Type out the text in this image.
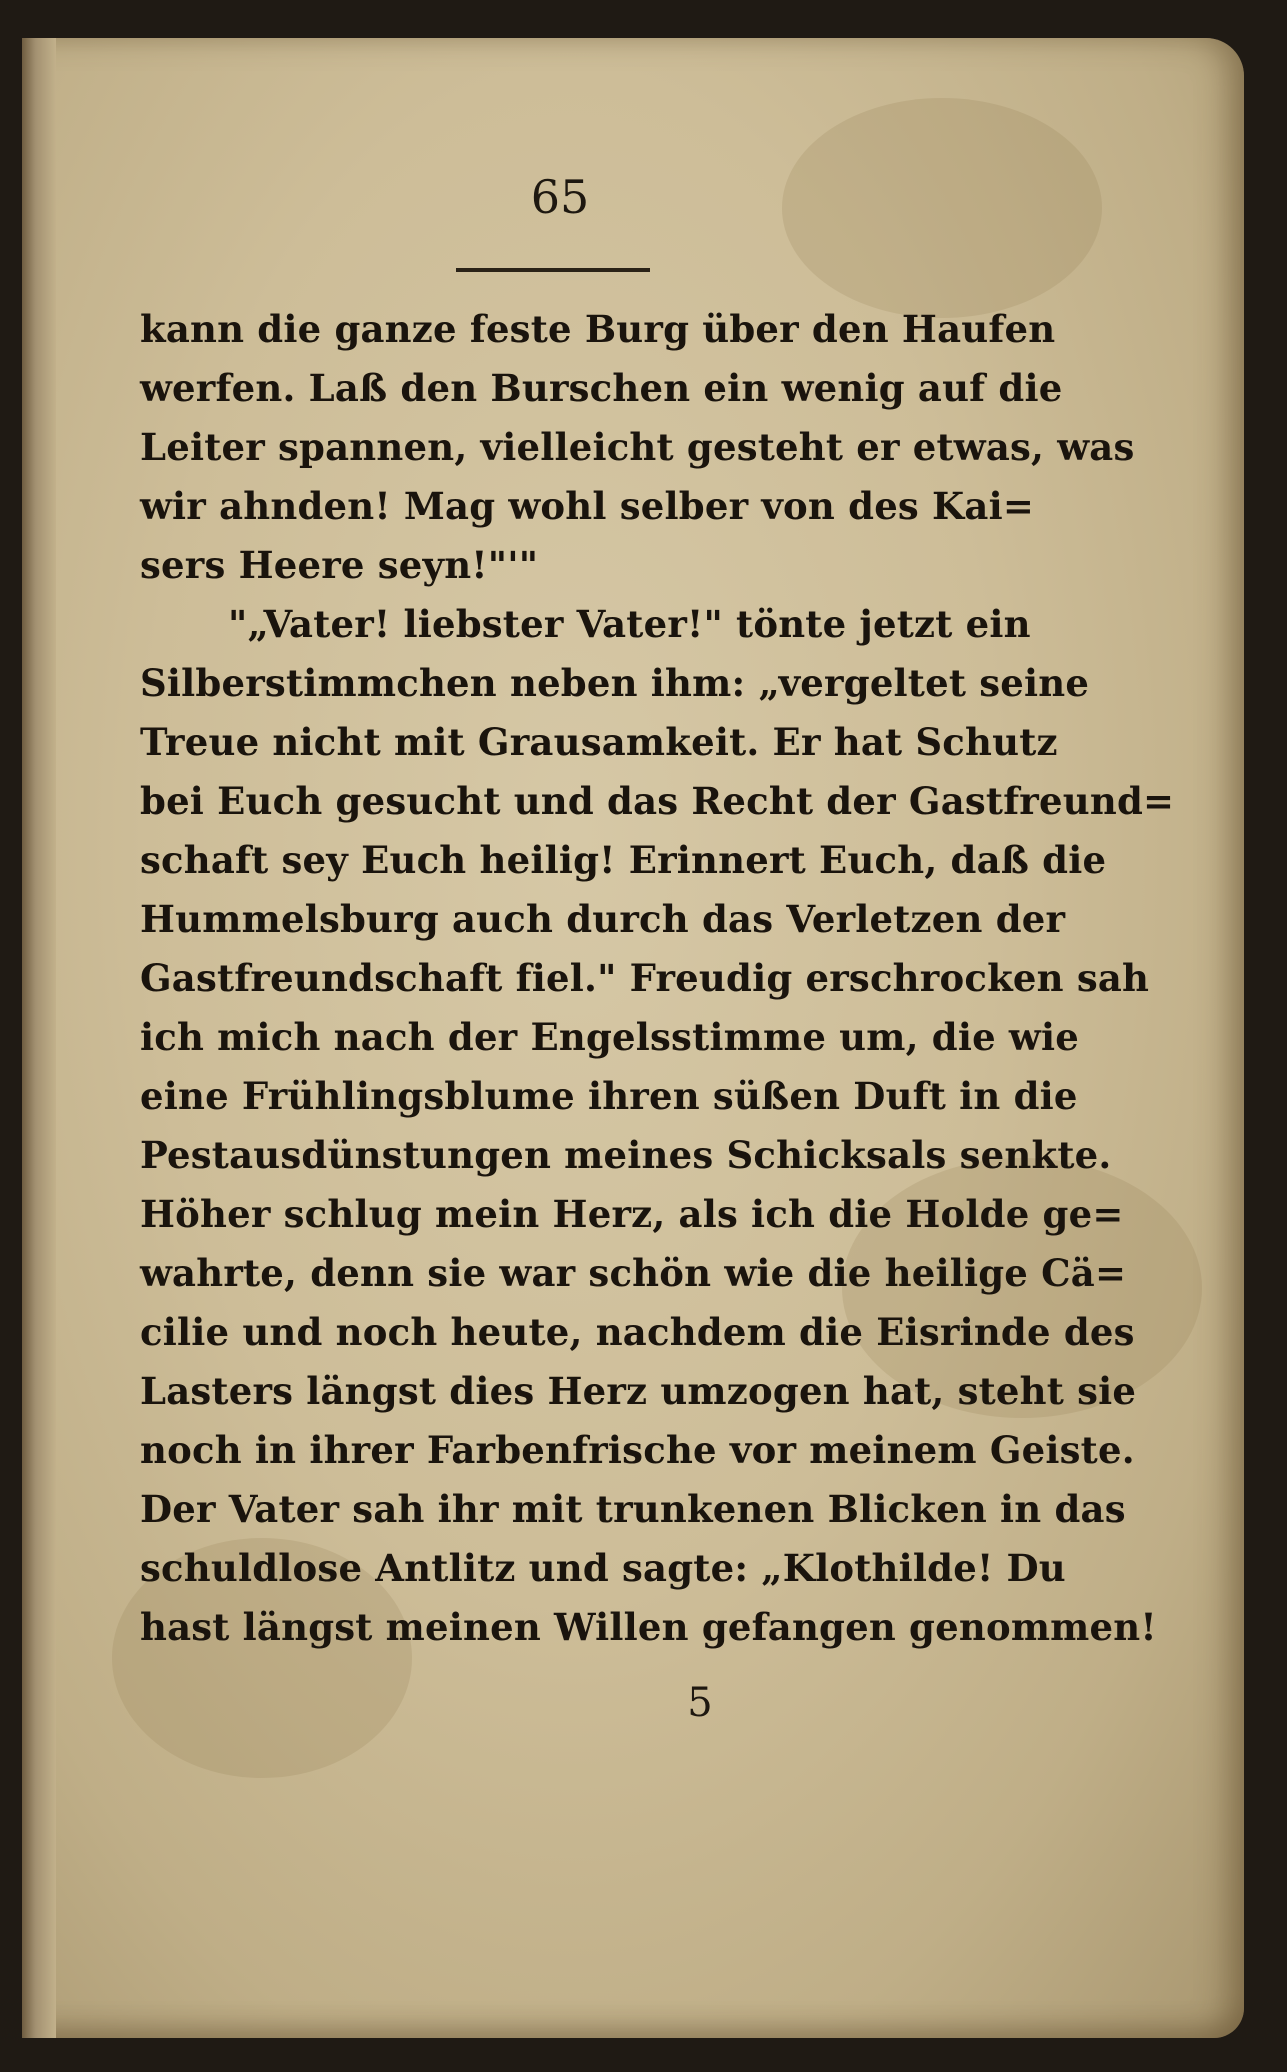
65
kann die ganze feste Burg über den Haufen
werfen. Laß den Burschen ein wenig auf die
Leiter spannen, vielleicht gesteht er etwas, was
wir ahnden! Mag wohl selber von des Kai=
sers Heere seyn!"'"
"„Vater! liebster Vater!" tönte jetzt ein
Silberstimmchen neben ihm: „vergeltet seine
Treue nicht mit Grausamkeit. Er hat Schutz
bei Euch gesucht und das Recht der Gastfreund=
schaft sey Euch heilig! Erinnert Euch, daß die
Hummelsburg auch durch das Verletzen der
Gastfreundschaft fiel." Freudig erschrocken sah
ich mich nach der Engelsstimme um, die wie
eine Frühlingsblume ihren süßen Duft in die
Pestausdünstungen meines Schicksals senkte.
Höher schlug mein Herz, als ich die Holde ge=
wahrte, denn sie war schön wie die heilige Cä=
cilie und noch heute, nachdem die Eisrinde des
Lasters längst dies Herz umzogen hat, steht sie
noch in ihrer Farbenfrische vor meinem Geiste.
Der Vater sah ihr mit trunkenen Blicken in das
schuldlose Antlitz und sagte: „Klothilde! Du
hast längst meinen Willen gefangen genommen!
5
